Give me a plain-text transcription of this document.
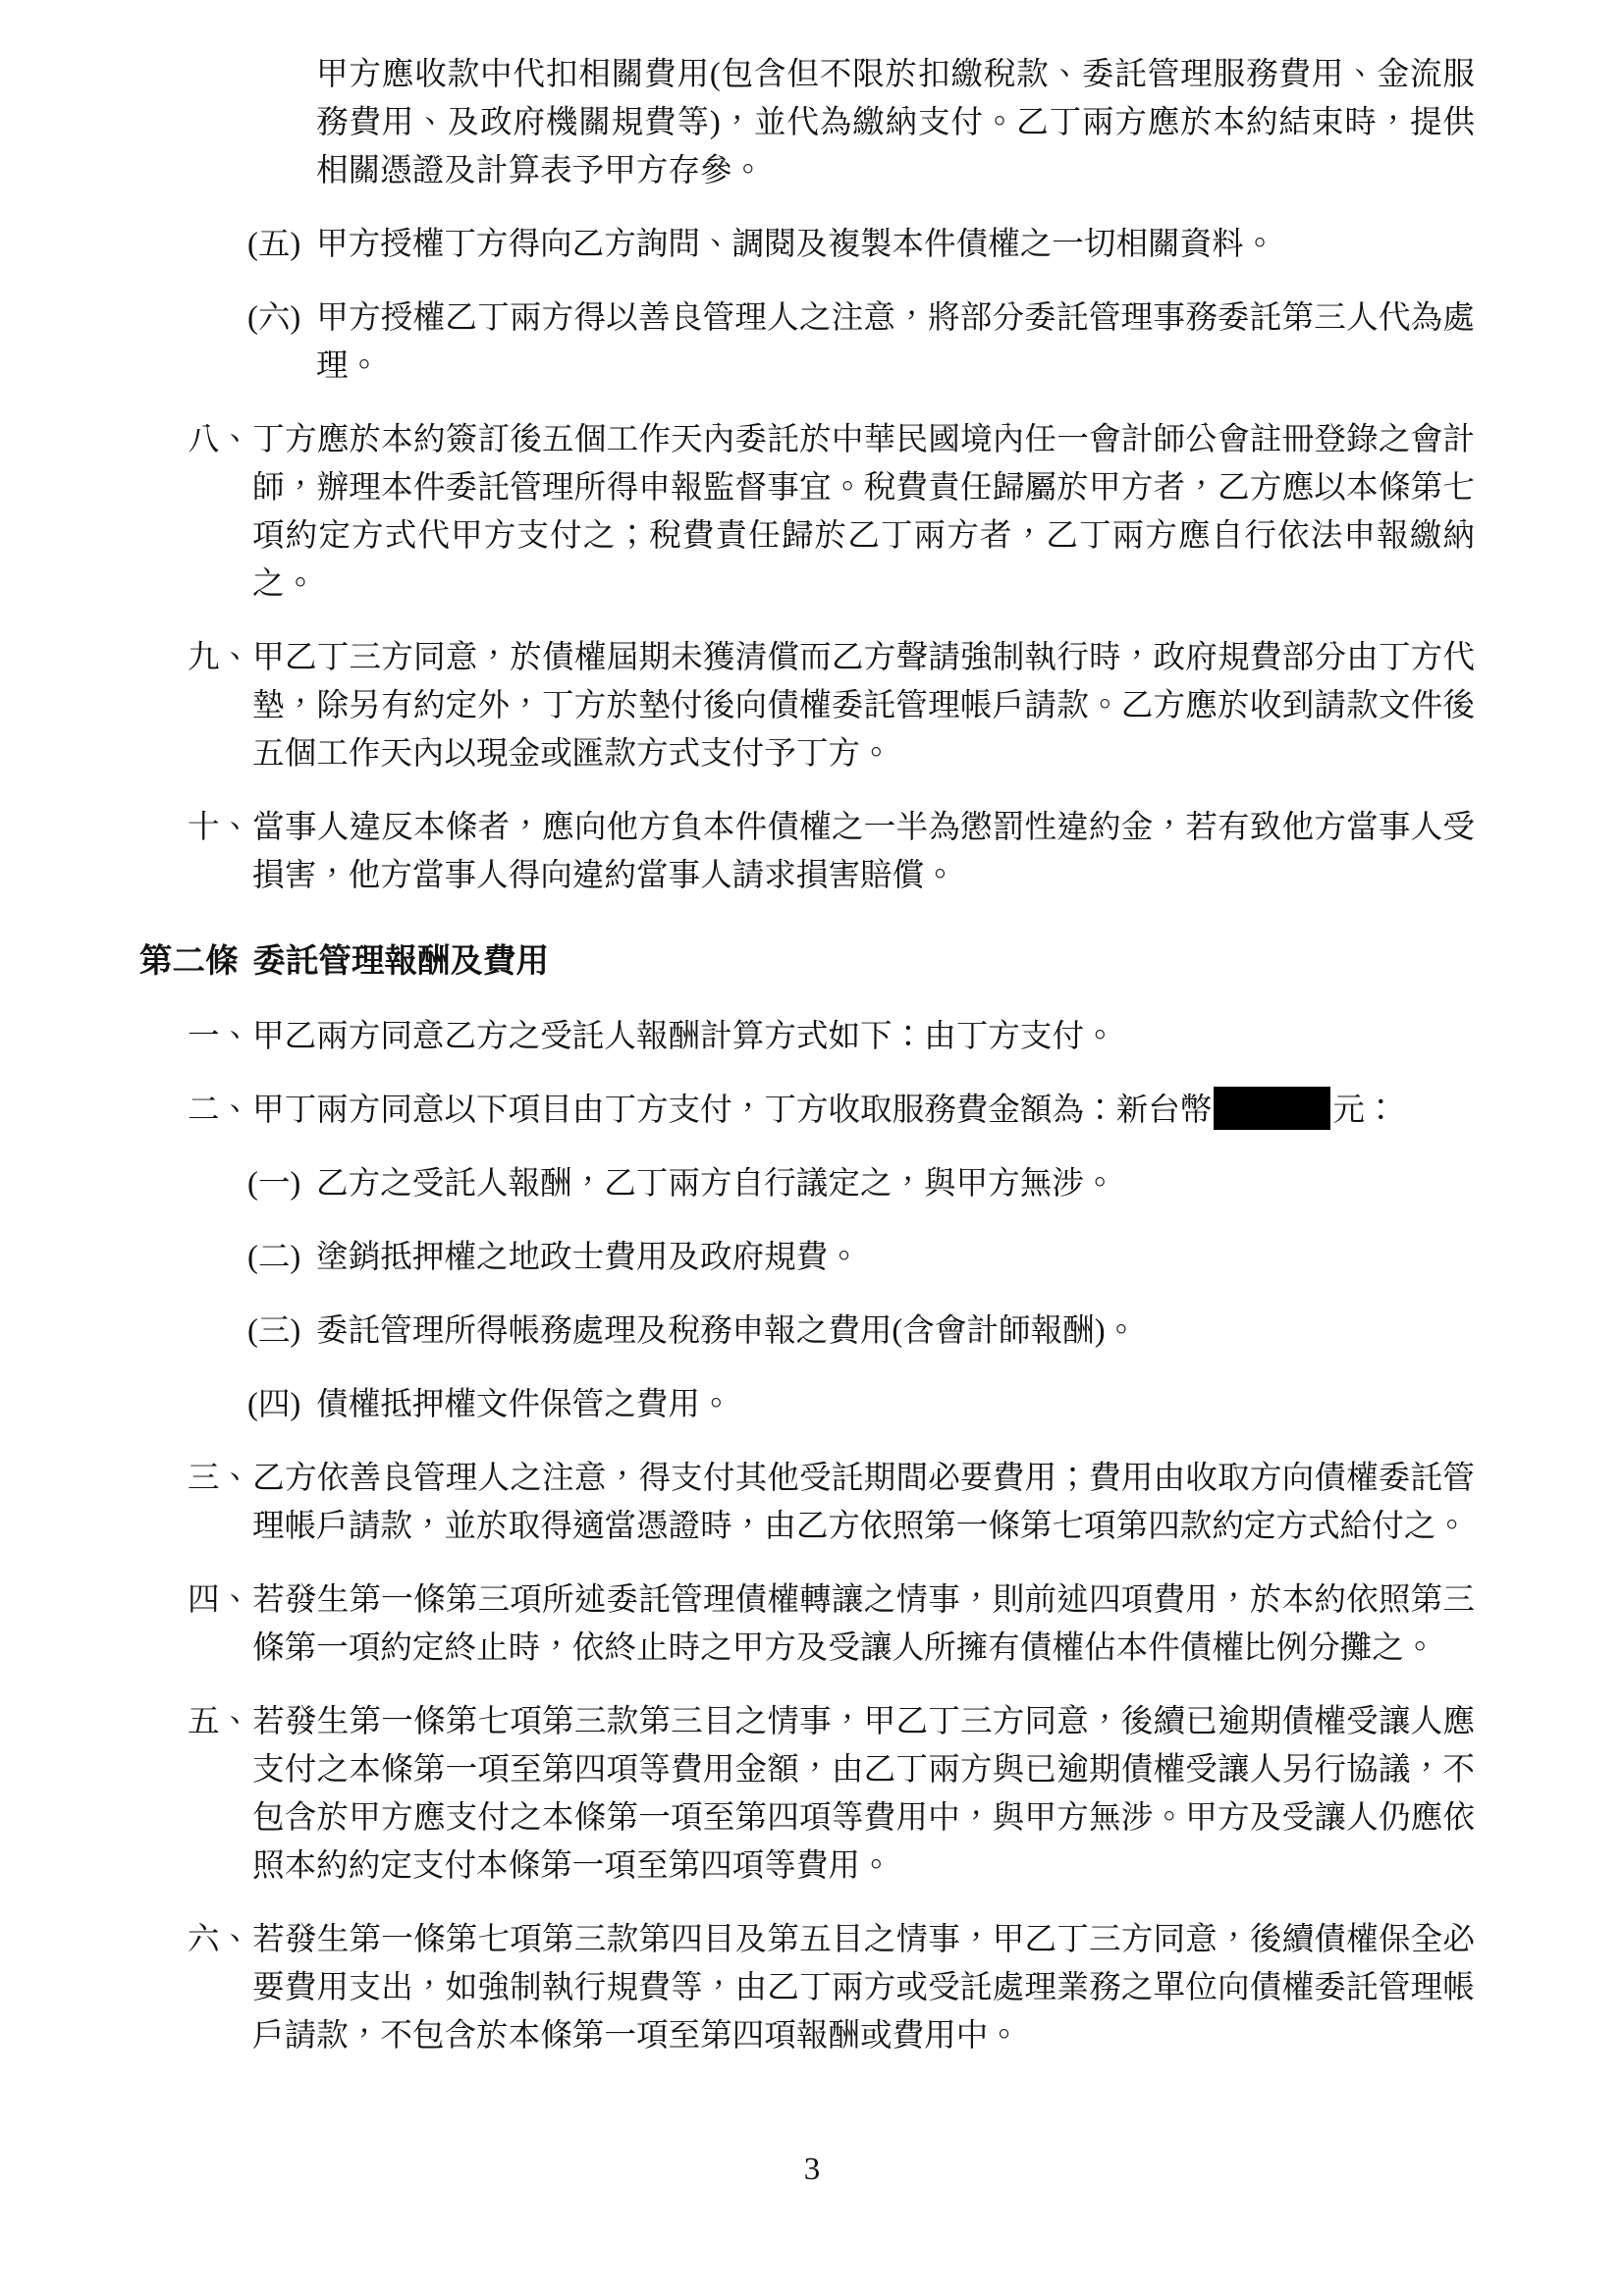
甲方應收款中代扣相關費用(包含但不限於扣繳稅款、委託管理服務費用、金流服務費用、及政府機關規費等)，並代為繳納支付。乙丁兩方應於本約結束時，提供相關憑證及計算表予甲方存參。
(五) 甲方授權丁方得向乙方詢問、調閱及複製本件債權之一切相關資料。
(六) 甲方授權乙丁兩方得以善良管理人之注意，將部分委託管理事務委託第三人代為處理。
八、丁方應於本約簽訂後五個工作天內委託於中華民國境內任一會計師公會註冊登錄之會計師，辦理本件委託管理所得申報監督事宜。稅費責任歸屬於甲方者，乙方應以本條第七項約定方式代甲方支付之；稅費責任歸於乙丁兩方者，乙丁兩方應自行依法申報繳納之。
九、甲乙丁三方同意，於債權屆期未獲清償而乙方聲請強制執行時，政府規費部分由丁方代墊，除另有約定外，丁方於墊付後向債權委託管理帳戶請款。乙方應於收到請款文件後五個工作天內以現金或匯款方式支付予丁方。
十、當事人違反本條者，應向他方負本件債權之一半為懲罰性違約金，若有致他方當事人受損害，他方當事人得向違約當事人請求損害賠償。
第二條 委託管理報酬及費用
一、甲乙兩方同意乙方之受託人報酬計算方式如下：由丁方支付。
二、甲丁兩方同意以下項目由丁方支付，丁方收取服務費金額為：新台幣	元：
(一) 乙方之受託人報酬，乙丁兩方自行議定之，與甲方無涉。
(二) 塗銷抵押權之地政士費用及政府規費。
(三) 委託管理所得帳務處理及稅務申報之費用(含會計師報酬)。
(四) 債權抵押權文件保管之費用。
三、乙方依善良管理人之注意，得支付其他受託期間必要費用；費用由收取方向債權委託管理帳戶請款，並於取得適當憑證時，由乙方依照第一條第七項第四款約定方式給付之。
四、若發生第一條第三項所述委託管理債權轉讓之情事，則前述四項費用，於本約依照第三條第一項約定終止時，依終止時之甲方及受讓人所擁有債權佔本件債權比例分攤之。
五、若發生第一條第七項第三款第三目之情事，甲乙丁三方同意，後續已逾期債權受讓人應支付之本條第一項至第四項等費用金額，由乙丁兩方與已逾期債權受讓人另行協議，不包含於甲方應支付之本條第一項至第四項等費用中，與甲方無涉。甲方及受讓人仍應依照本約約定支付本條第一項至第四項等費用。
六、若發生第一條第七項第三款第四目及第五目之情事，甲乙丁三方同意，後續債權保全必要費用支出，如強制執行規費等，由乙丁兩方或受託處理業務之單位向債權委託管理帳戶請款，不包含於本條第一項至第四項報酬或費用中。
3
